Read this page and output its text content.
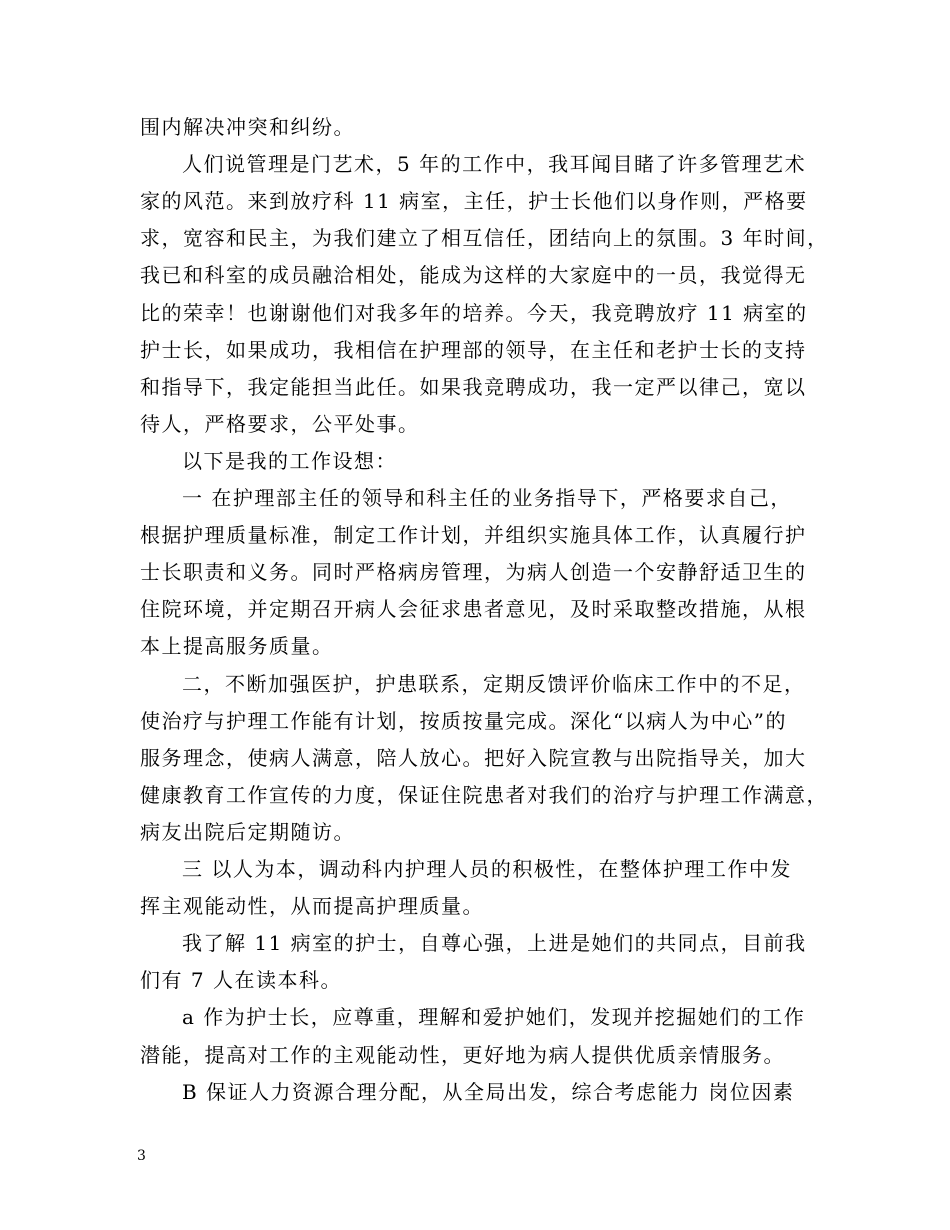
围内解决冲突和纠纷。
人们说管理是门艺术，5 年的工作中，我耳闻目睹了许多管理艺术
家的风范。来到放疗科 11 病室，主任，护士长他们以身作则，严格要
求，宽容和民主，为我们建立了相互信任，团结向上的氛围。3 年时间，
我已和科室的成员融洽相处，能成为这样的大家庭中的一员，我觉得无
比的荣幸！也谢谢他们对我多年的培养。今天，我竞聘放疗 11 病室的
护士长，如果成功，我相信在护理部的领导，在主任和老护士长的支持
和指导下，我定能担当此任。如果我竞聘成功，我一定严以律己，宽以
待人，严格要求，公平处事。
以下是我的工作设想：
一 在护理部主任的领导和科主任的业务指导下，严格要求自己，
根据护理质量标准，制定工作计划，并组织实施具体工作，认真履行护
士长职责和义务。同时严格病房管理，为病人创造一个安静舒适卫生的
住院环境，并定期召开病人会征求患者意见，及时采取整改措施，从根
本上提高服务质量。
二，不断加强医护，护患联系，定期反馈评价临床工作中的不足，
使治疗与护理工作能有计划，按质按量完成。深化“以病人为中心”的
服务理念，使病人满意，陪人放心。把好入院宣教与出院指导关，加大
健康教育工作宣传的力度，保证住院患者对我们的治疗与护理工作满意，
病友出院后定期随访。
三 以人为本，调动科内护理人员的积极性，在整体护理工作中发
挥主观能动性，从而提高护理质量。
我了解 11 病室的护士，自尊心强，上进是她们的共同点，目前我
们有 7 人在读本科。
a 作为护士长，应尊重，理解和爱护她们，发现并挖掘她们的工作
潜能，提高对工作的主观能动性，更好地为病人提供优质亲情服务。
B 保证人力资源合理分配，从全局出发，综合考虑能力 岗位因素
3
